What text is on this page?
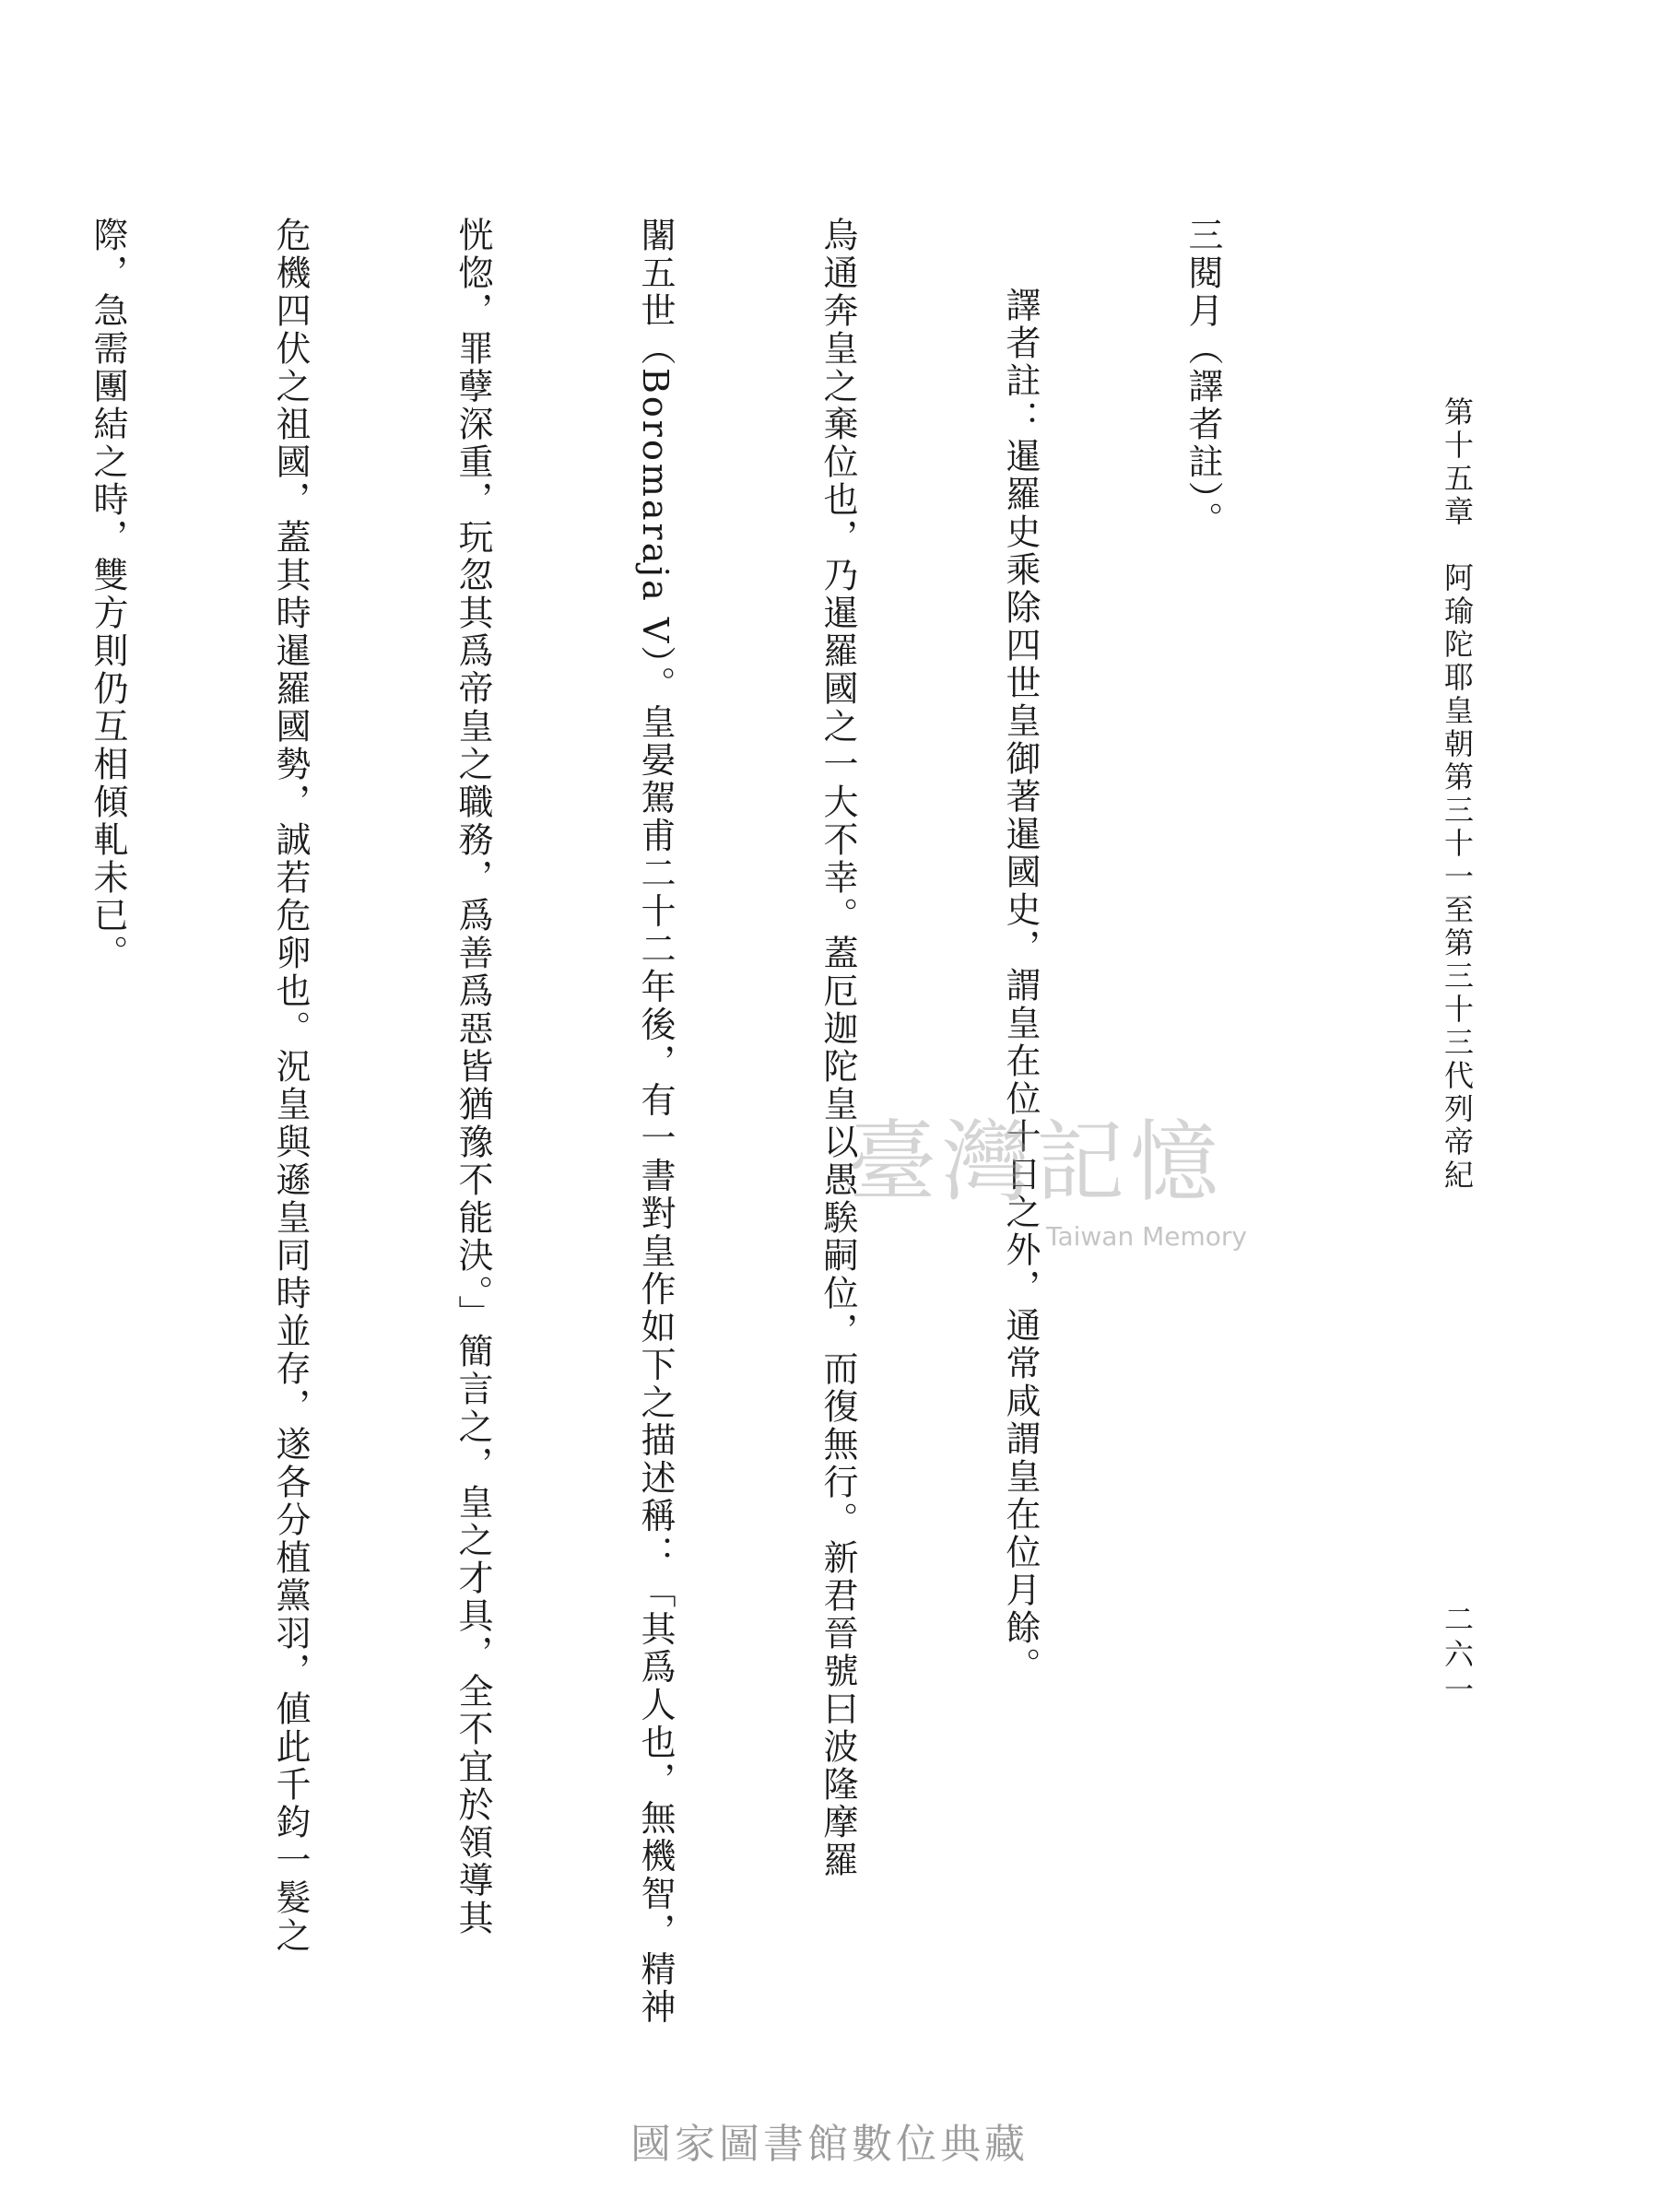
三閱月（譯者註）。

譯者註：暹羅史乘除四世皇御著暹國史，謂皇在位十日之外，通常咸謂皇在位月餘。

烏通奔皇之棄位也，乃暹羅國之一大不幸。蓋厄迦陀皇以愚騃嗣位，而復無行。新君晉號曰波隆摩羅

闍五世（Boromaraja V）。皇晏駕甫二十二年後，有一書對皇作如下之描述稱：「其爲人也，無機智，精神

恍惚，罪孽深重，玩忽其爲帝皇之職務，爲善爲惡皆猶豫不能決。」簡言之，皇之才具，全不宜於領導其

危機四伏之祖國，蓋其時暹羅國勢，誠若危卵也。況皇與遜皇同時並存，遂各分植黨羽，値此千鈞一髮之

際，急需團結之時，雙方則仍互相傾軋未已。

臺灣記憶
Taiwan Memory
第十五章　阿瑜陀耶皇朝第三十一至第三十三代列帝紀
二六一
國家圖書館數位典藏
